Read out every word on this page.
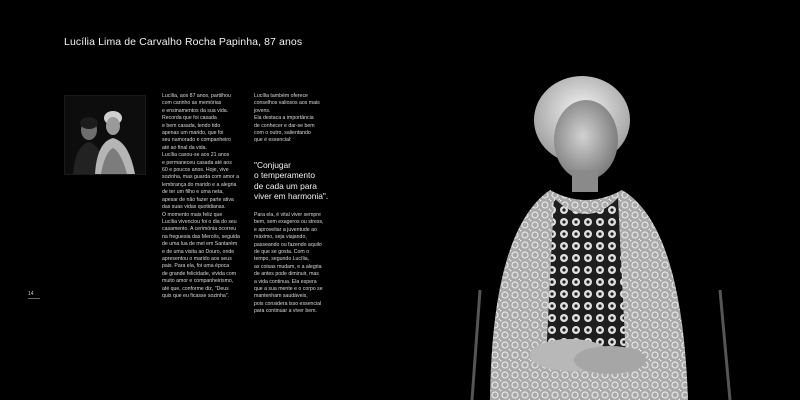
Lucília Lima de Carvalho Rocha Papinha, 87 anos
Lucília, aos 87 anos, partilhou
com carinho as memórias
e ensinamentos da sua vida.
Recorda que foi casada
e bem casada, tendo tido
apenas um marido, que foi
seu namorado e companheiro
até ao final da vida.
Lucília casou-se aos 21 anos
e permaneceu casada até aos
60 e poucos anos. Hoje, vive
sozinha, mas guarda com amor a
lembrança do marido e a alegria
de ter um filho e uma neta,
apesar de não fazer parte ativa
das suas vidas quotidianas.
O momento mais feliz que
Lucília vivenciou foi o dia do seu
casamento. A cerimónia ocorreu
na freguesia das Mercês, seguida
de uma lua de mel em Santarém
e de uma visita ao Douro, onde
apresentou o marido aos seus
pais. Para ela, foi uma época
de grande felicidade, vivida com
muito amor e companheirismo,
até que, conforme diz, "Deus
quis que eu ficasse sozinha".
Lucília também oferece
conselhos valiosos aos mais
jovens.
Ela destaca a importância
de conhecer e dar-se bem
com o outro, salientando
que é essencial:
"Conjugar
o temperamento
de cada um para
viver em harmonia".
Para ela, é vital viver sempre
bem, sem exageros ou stress,
e aproveitar a juventude ao
máximo, seja viajando,
passeando ou fazendo aquilo
de que se gosta. Com o
tempo, segundo Lucília,
as coisas mudam, e a alegria
de antes pode diminuir, mas
a vida continua. Ela espera
que a sua mente e o corpo se
mantenham saudáveis,
pois considera isso essencial
para continuar a viver bem.
14
